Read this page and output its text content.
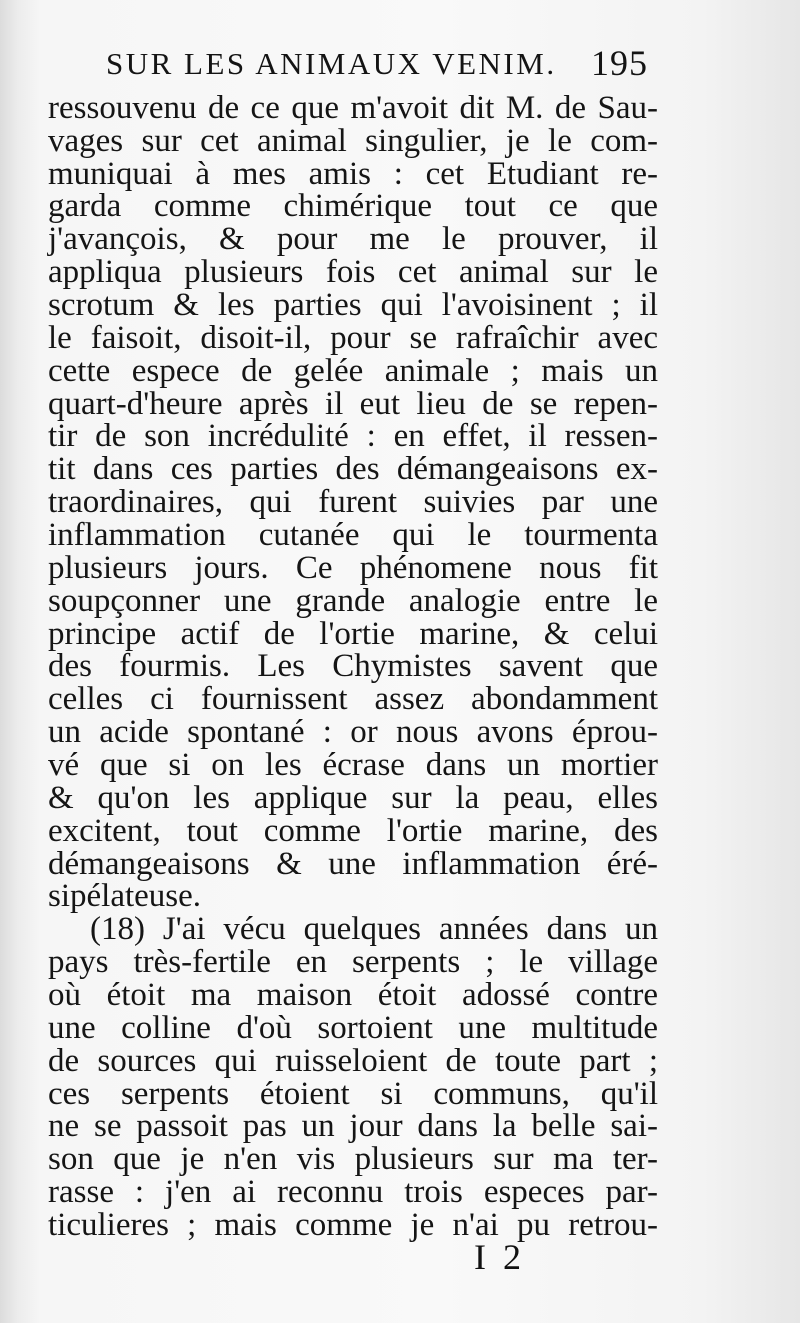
SUR LES ANIMAUX VENIM. 195
ressouvenu de ce que m'avoit dit M. de Sau-
vages sur cet animal singulier, je le com-
muniquai à mes amis : cet Etudiant re-
garda comme chimérique tout ce que
j'avançois, & pour me le prouver, il
appliqua plusieurs fois cet animal sur le
scrotum & les parties qui l'avoisinent ; il
le faisoit, disoit-il, pour se rafraîchir avec
cette espece de gelée animale ; mais un
quart-d'heure après il eut lieu de se repen-
tir de son incrédulité : en effet, il ressen-
tit dans ces parties des démangeaisons ex-
traordinaires, qui furent suivies par une
inflammation cutanée qui le tourmenta
plusieurs jours. Ce phénomene nous fit
soupçonner une grande analogie entre le
principe actif de l'ortie marine, & celui
des fourmis. Les Chymistes savent que
celles ci fournissent assez abondamment
un acide spontané : or nous avons éprou-
vé que si on les écrase dans un mortier
& qu'on les applique sur la peau, elles
excitent, tout comme l'ortie marine, des
démangeaisons & une inflammation éré-
sipélateuse.
(18) J'ai vécu quelques années dans un
pays très-fertile en serpents ; le village
où étoit ma maison étoit adossé contre
une colline d'où sortoient une multitude
de sources qui ruisseloient de toute part ;
ces serpents étoient si communs, qu'il
ne se passoit pas un jour dans la belle sai-
son que je n'en vis plusieurs sur ma ter-
rasse : j'en ai reconnu trois especes par-
ticulieres ; mais comme je n'ai pu retrou-
I 2
